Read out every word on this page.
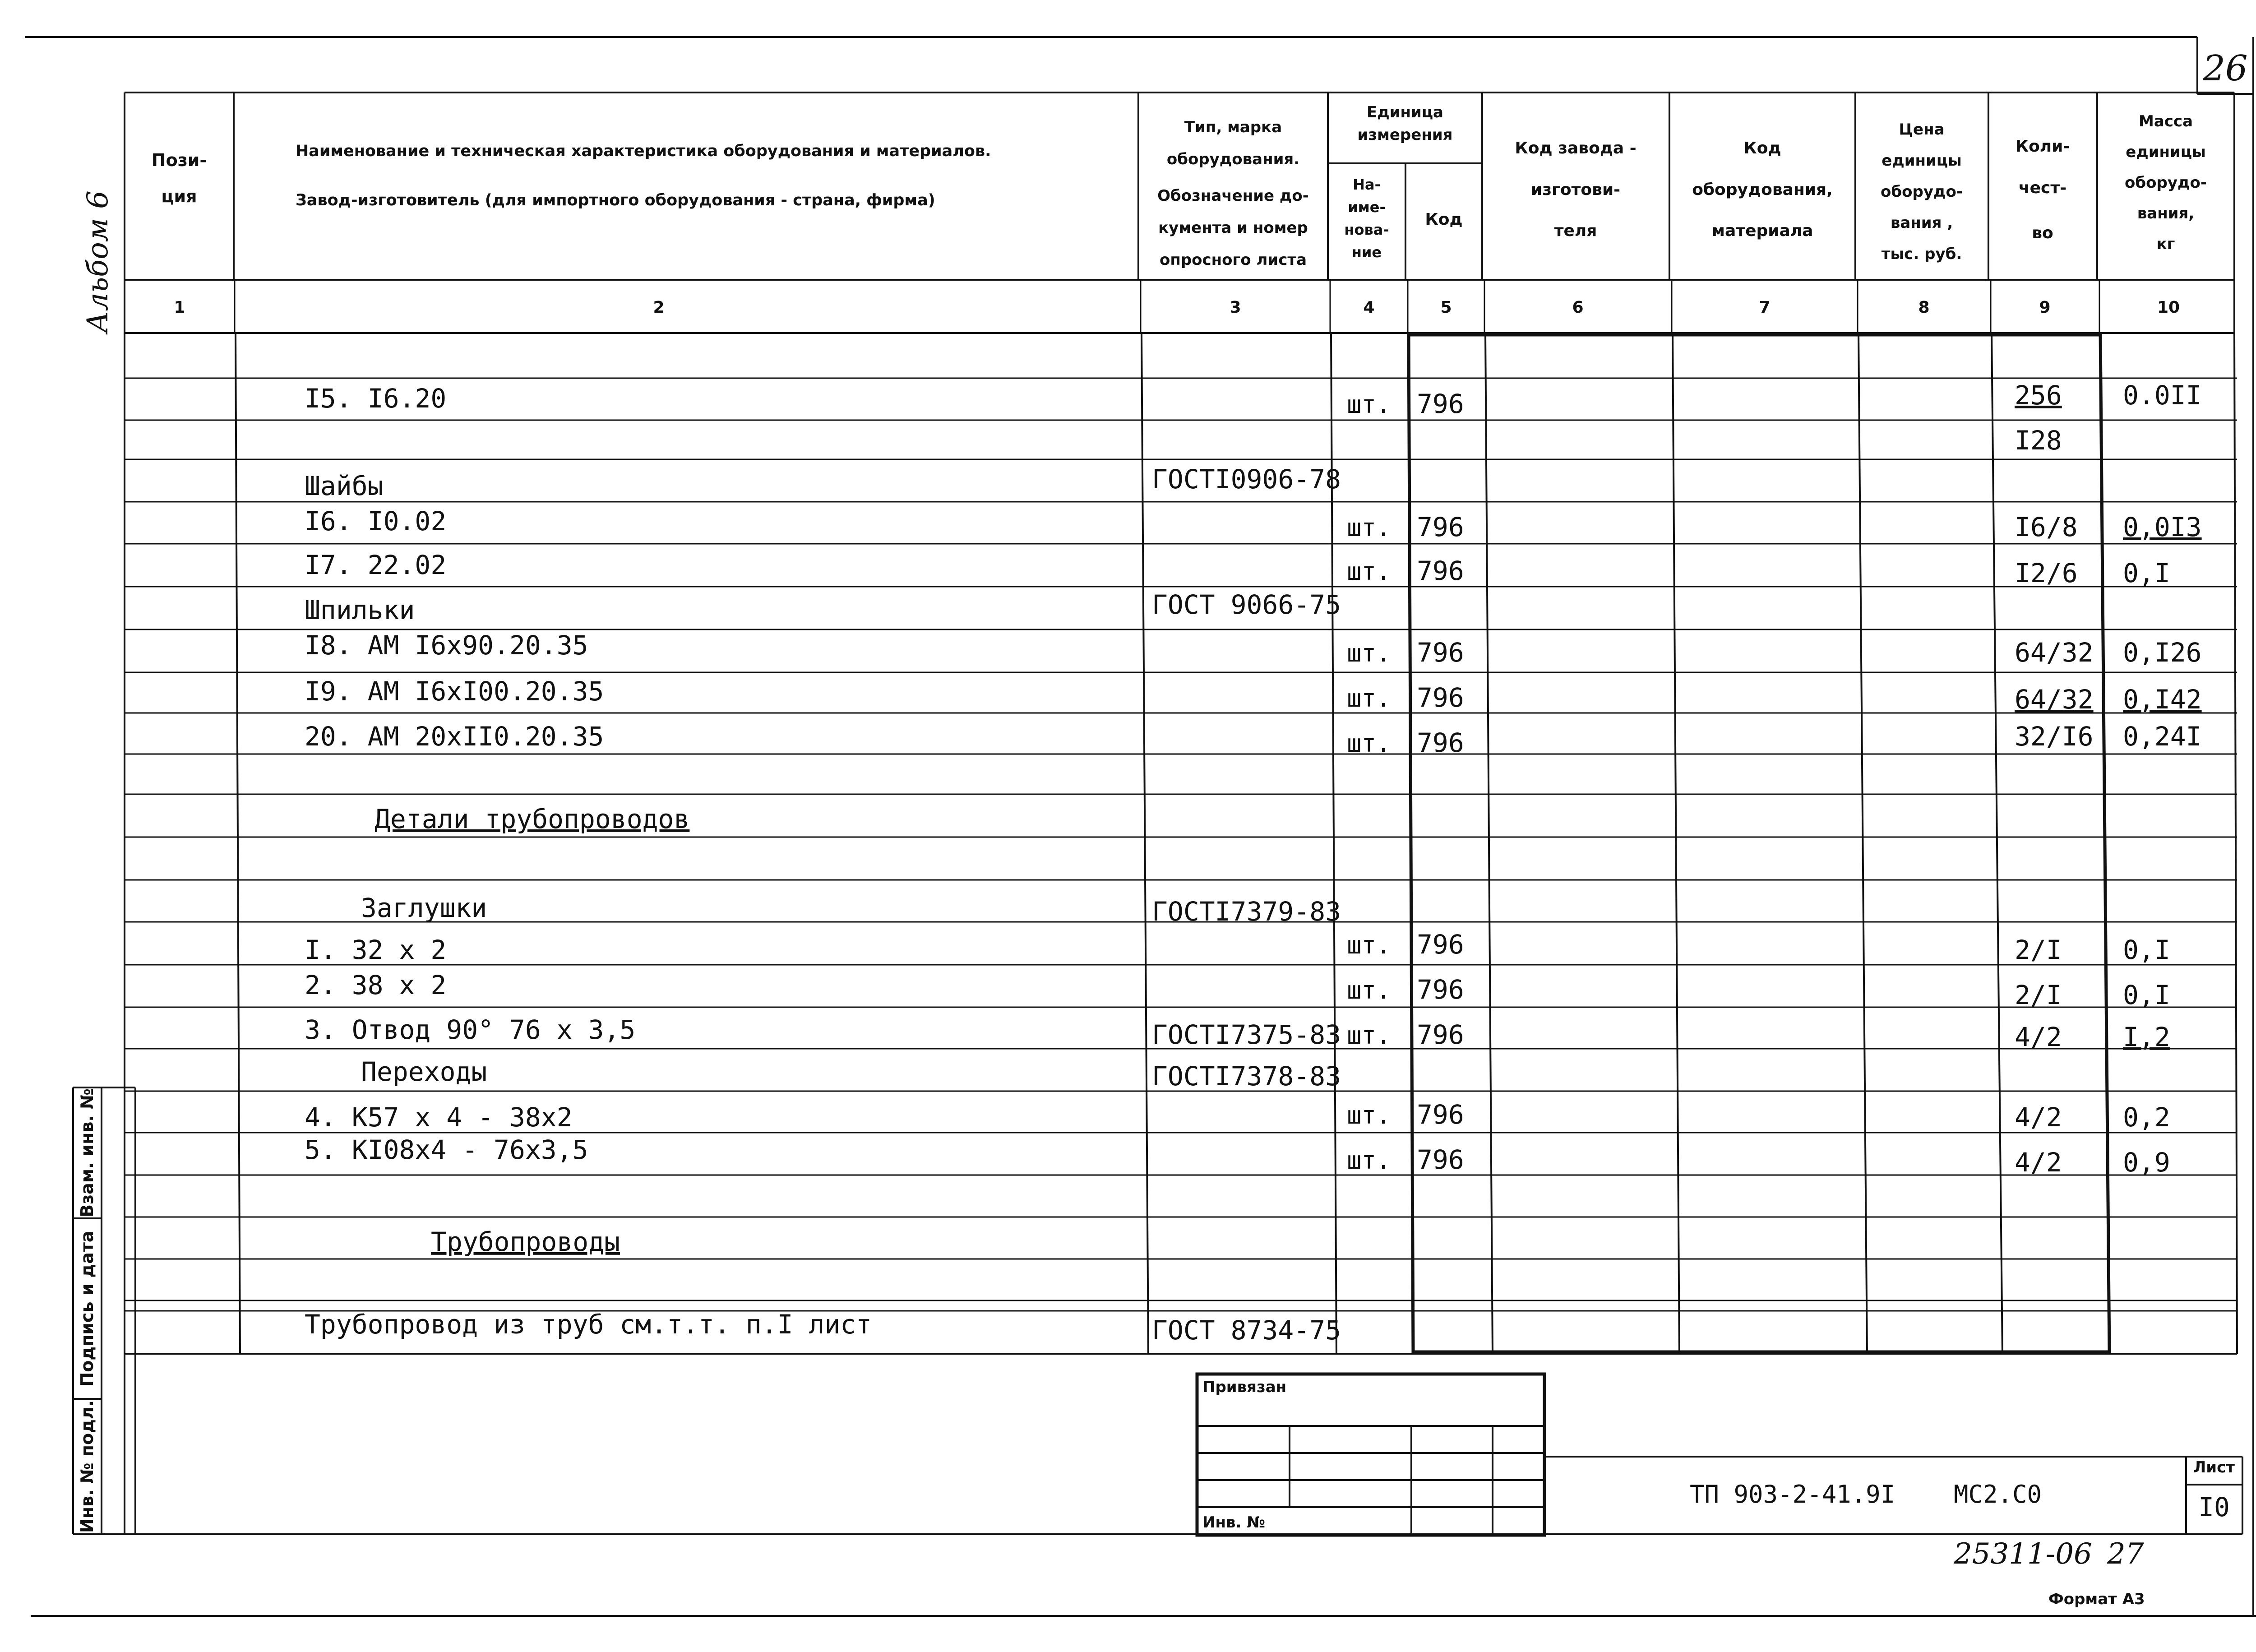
26
Альбом 6
Пози-
ция
Наименование и техническая характеристика оборудования и материалов.
Завод-изготовитель (для импортного оборудования - страна, фирма)
Тип, марка
оборудования.
Обозначение до-
кумента и номер
опросного листа
Единица
измерения
На-
име-
нова-
ние
Код
Код завода -
изготови-
теля
Код
оборудования,
материала
Цена
единицы
оборудо-
вания ,
тыс. руб.
Коли-
чест-
во
Масса
единицы
оборудо-
вания,
кг
1	2	3	4	5	6	7	8	9	10
I5. I6.20	шт. 796	256 0.0II
I28
Шайбы	ГОСТI0906-78
I6. I0.02	шт. 796	I6/8 0,0I3
I7. 22.02	шт. 796	I2/6 0,I
Шпильки	ГОСТ 9066-75
I8. АМ I6x90.20.35	шт. 796	64/32 0,I26
I9. АМ I6xI00.20.35	шт. 796	64/32 0,I42
20. АМ 20xII0.20.35	шт. 796	32/I6 0,24I
Детали трубопроводов
Заглушки	ГОСТI7379-83
I. 32 x 2	шт. 796	2/I 0,I
2. 38 x 2	шт. 796	2/I 0,I
3. Отвод 90° 76 x 3,5	ГОСТI7375-83 шт. 796	4/2 I,2
Переходы	ГОСТI7378-83
4. К57 x 4 - 38x2	шт. 796	4/2 0,2
5. КI08x4 - 76x3,5	шт. 796	4/2 0,9
Трубопроводы
Трубопровод из труб см.т.т. п.I лист	ГОСТ 8734-75
Инв. № подл.
Подпись и дата
Взам. инв. №
Привязан
Инв. №
ТП 903-2-41.9I МС2.С0
Лист
I0
25311-06 27
Формат А3
